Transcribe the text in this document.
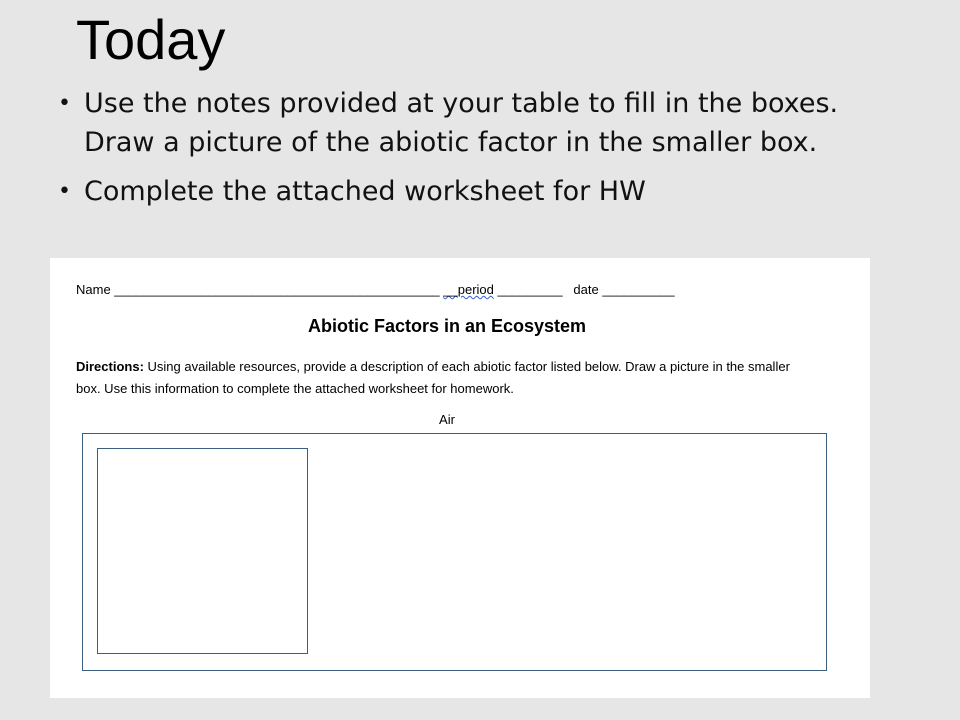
Today
• Use the notes provided at your table to fill in the boxes. Draw a picture of the abiotic factor in the smaller box.
• Complete the attached worksheet for HW
Name _____________________________________________ __period _________   date __________
Abiotic Factors in an Ecosystem
Directions: Using available resources, provide a description of each abiotic factor listed below. Draw a picture in the smaller box. Use this information to complete the attached worksheet for homework.
Air
